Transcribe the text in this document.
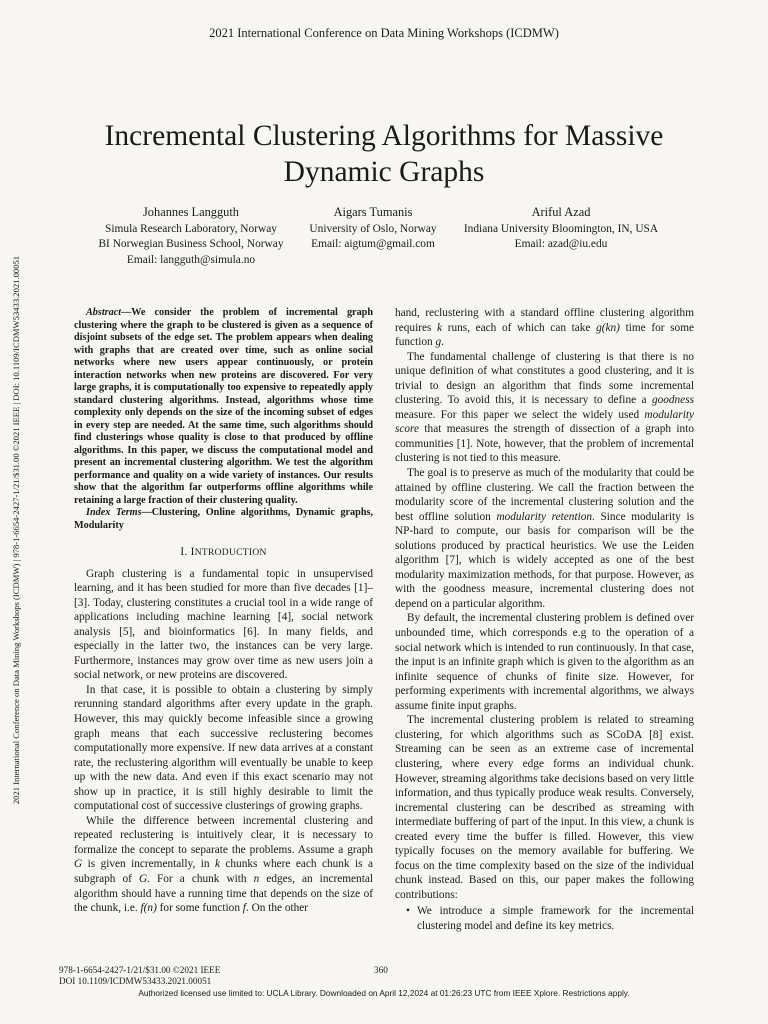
2021 International Conference on Data Mining Workshops (ICDMW)
2021 International Conference on Data Mining Workshops (ICDMW) | 978-1-6654-2427-1/21/$31.00 ©2021 IEEE | DOI: 10.1109/ICDMW53433.2021.00051
Incremental Clustering Algorithms for Massive Dynamic Graphs
Johannes Langguth
Simula Research Laboratory, Norway
BI Norwegian Business School, Norway
Email: langguth@simula.no
Aigars Tumanis
University of Oslo, Norway
Email: aigtum@gmail.com
Ariful Azad
Indiana University Bloomington, IN, USA
Email: azad@iu.edu

Abstract—We consider the problem of incremental graph clustering where the graph to be clustered is given as a sequence of disjoint subsets of the edge set. The problem appears when dealing with graphs that are created over time, such as online social networks where new users appear continuously, or protein interaction networks when new proteins are discovered. For very large graphs, it is computationally too expensive to repeatedly apply standard clustering algorithms. Instead, algorithms whose time complexity only depends on the size of the incoming subset of edges in every step are needed. At the same time, such algorithms should find clusterings whose quality is close to that produced by offline algorithms. In this paper, we discuss the computational model and present an incremental clustering algorithm. We test the algorithm performance and quality on a wide variety of instances. Our results show that the algorithm far outperforms offline algorithms while retaining a large fraction of their clustering quality.

Index Terms—Clustering, Online algorithms, Dynamic graphs, Modularity

I. INTRODUCTION

Graph clustering is a fundamental topic in unsupervised learning, and it has been studied for more than five decades [1]–[3]. Today, clustering constitutes a crucial tool in a wide range of applications including machine learning [4], social network analysis [5], and bioinformatics [6]. In many fields, and especially in the latter two, the instances can be very large. Furthermore, instances may grow over time as new users join a social network, or new proteins are discovered.

In that case, it is possible to obtain a clustering by simply rerunning standard algorithms after every update in the graph. However, this may quickly become infeasible since a growing graph means that each successive reclustering becomes computationally more expensive. If new data arrives at a constant rate, the reclustering algorithm will eventually be unable to keep up with the new data. And even if this exact scenario may not show up in practice, it is still highly desirable to limit the computational cost of successive clusterings of growing graphs.

While the difference between incremental clustering and repeated reclustering is intuitively clear, it is necessary to formalize the concept to separate the problems. Assume a graph G is given incrementally, in k chunks where each chunk is a subgraph of G. For a chunk with n edges, an incremental algorithm should have a running time that depends on the size of the chunk, i.e. f(n) for some function f. On the other

hand, reclustering with a standard offline clustering algorithm requires k runs, each of which can take g(kn) time for some function g.

The fundamental challenge of clustering is that there is no unique definition of what constitutes a good clustering, and it is trivial to design an algorithm that finds some incremental clustering. To avoid this, it is necessary to define a goodness measure. For this paper we select the widely used modularity score that measures the strength of dissection of a graph into communities [1]. Note, however, that the problem of incremental clustering is not tied to this measure.

The goal is to preserve as much of the modularity that could be attained by offline clustering. We call the fraction between the modularity score of the incremental clustering solution and the best offline solution modularity retention. Since modularity is NP-hard to compute, our basis for comparison will be the solutions produced by practical heuristics. We use the Leiden algorithm [7], which is widely accepted as one of the best modularity maximization methods, for that purpose. However, as with the goodness measure, incremental clustering does not depend on a particular algorithm.

By default, the incremental clustering problem is defined over unbounded time, which corresponds e.g to the operation of a social network which is intended to run continuously. In that case, the input is an infinite graph which is given to the algorithm as an infinite sequence of chunks of finite size. However, for performing experiments with incremental algorithms, we always assume finite input graphs.

The incremental clustering problem is related to streaming clustering, for which algorithms such as SCoDA [8] exist. Streaming can be seen as an extreme case of incremental clustering, where every edge forms an individual chunk. However, streaming algorithms take decisions based on very little information, and thus typically produce weak results. Conversely, incremental clustering can be described as streaming with intermediate buffering of part of the input. In this view, a chunk is created every time the buffer is filled. However, this view typically focuses on the memory available for buffering. We focus on the time complexity based on the size of the individual chunk instead. Based on this, our paper makes the following contributions:

• We introduce a simple framework for the incremental clustering model and define its key metrics.
978-1-6654-2427-1/21/$31.00 ©2021 IEEE
DOI 10.1109/ICDMW53433.2021.00051
360
Authorized licensed use limited to: UCLA Library. Downloaded on April 12,2024 at 01:26:23 UTC from IEEE Xplore. Restrictions apply.
